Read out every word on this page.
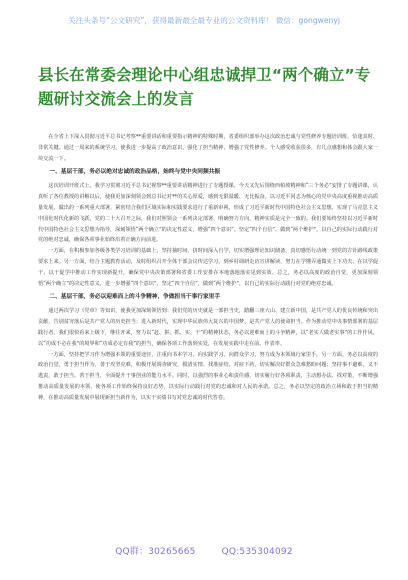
关注头条号“公文研究”，获得最新最全最专业的公文资料库！ 微信：gongwenyj
县长在常委会理论中心组忠诚捍卫“两个确立”专题研讨交流会上的发言

在全省上下深入贯彻习近平总书记考察**重要讲话和重要指示精神的特殊时期，省委组织部举办这次政治忠诚与党性修养专题培训班，恰逢其时、非常关键。通过一周来的系统学习，使我进一步提高了政治意识，强化了担当精神，增强了党性修养。个人感受收获很多，有几点感想和体会跟大家一块交流一下。

一、基层干部，务必以绝对忠诚的政治品格，始终与党中央同频共振

这次培训开班式上，我学习贯彻习近平总书记视察**重要讲话精神进行了专题授课。今天又先后围绕西柏坡精神和“三个务必”安排了专题讲课，认真听了各位教授的讲解以后，使我更加深刻领会到总书记对**的关心厚爱，感到无限温暖、无比振奋。以习近平同志为核心的党中央高度重视推动高质量发展，做出的一系列重大部署，紧密结合我们区域实际和实践要求进行了重新审视，形成了习近平新时代中国特色社会主义思想，实现了马克思主义中国化时代化新的飞跃，党的二十大召开之际，我们对照领会一系列决定部署，明确努力方向，精神实质是完全一致的。我们要始终坚持以习近平新时代中国特色社会主义思想为指导，深刻领悟“两个确立”的决定性意义，增强“四个意识”、坚定“四个自信”、做到“两个维护”，以自己的实际行动践行对党的绝对忠诚，确保各项事业始终沿着正确方向前进。

一方面，在积极参加各级各类学习培训的基础上，坚持抽时间、挤时间深入自学，切实增强理论知识储备，真切感悟行动统一到党的方针路线政策要求上来。另一方面，结合主题教育活动，及时组织召开全体干部会议传达学习，到乡村调研走访宣讲解读，努力在学懂弄通做实上下功夫，在以学促干、以干促学中推动工作实现新提升，确保党中央决策部署和省委工作安排在本地落地落实见到实效。总之，务必以高度的政治自觉，更加深刻领悟“两个确立”的决定性意义，进一步增强“四个意识”，坚定“四个自信”，做到“两个维护”，以自己的实际行动践行对党的绝对忠诚。

二、基层干部，务必以迎难而上的斗争精神，争做担当干事行家里手

通过两次学习《党章》等知识，使我更加深刻领悟到：我们党的历史就是一部担当史，踏翻三座大山、建立新中国，是共产党人的优良传统和突出贡献，告别贫穷落后是共产党人的历史担当；进入新时代，实现中华民族伟大复兴的中国梦，是共产党人的使命担当。作为推动党中央事情部署的基层践行者，我们很快看来上级下，继往开来，努力以“赶、拼、抓、实、干”的精神状态，务必以迎难而上的斗争精神，以“老实人做老实事”的工作作风，以“功成不必在我”的境界和“功成必定有我”的担当，确保各项工作落到实处，在发展实践中走在前、作表率。

一方面，坚持把学习作为增强本领的重要途径，注重向书本学习、向实践学习、向群众学习，努力成为本领域行家里手。另一方面，务必以高度的政治自觉，勇于担当作为，善于攻坚克难，积极开展调查研究，摸清实情、找准症结、对症下药，切实解决好群众急难愁盼问题；坚持事不避难、义不逃责，敢于担当、善于担当，全面提升干事创业的能力水平。同时，以强烈的事业心和责任感，切实履行好各项职责，主动想办法、找对策，不断增强推动高质量发展的本领，使各项工作始终保持良好态势，以实际行动践行对党的忠诚和对人民的承诺。总之，务必以坚定的政治立场和敢于担当的精神，在推动高质量发展中展现新担当新作为，以实干实绩书写对党忠诚的时代答卷。

QQ群：30265665	QQ:535304092
